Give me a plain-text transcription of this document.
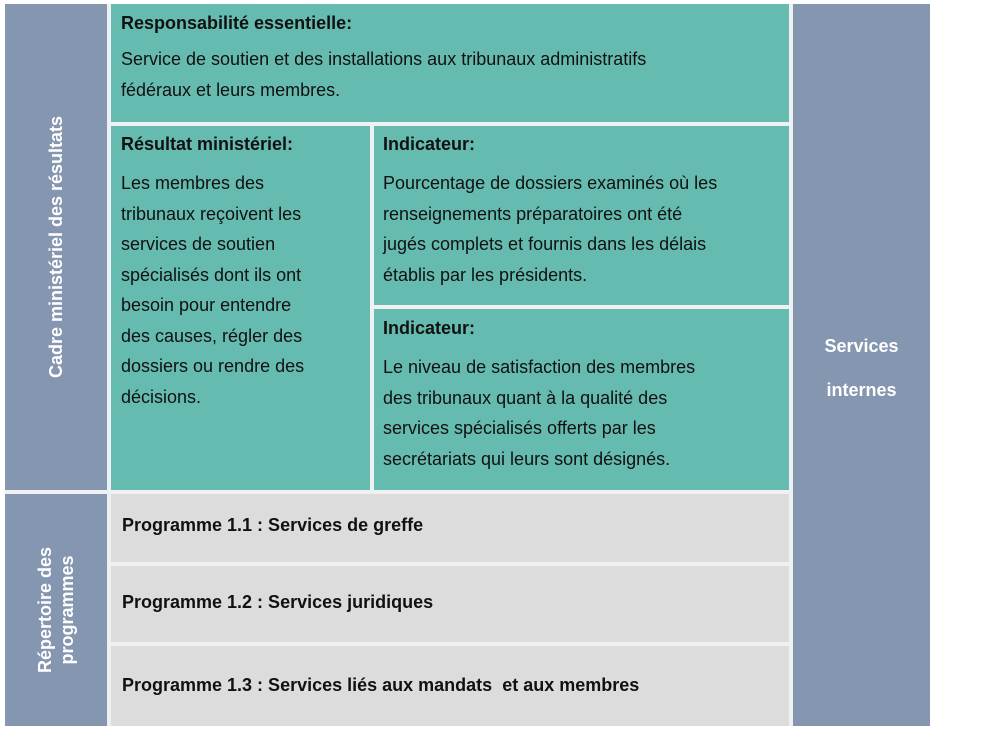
Cadre ministériel des résultats
Répertoire des programmes
Responsabilité essentielle:
Service de soutien et des installations aux tribunaux administratifs
fédéraux et leurs membres.
Résultat ministériel:
Les membres des
tribunaux reçoivent les
services de soutien
spécialisés dont ils ont
besoin pour entendre
des causes, régler des
dossiers ou rendre des
décisions.
Indicateur:
Pourcentage de dossiers examinés où les
renseignements préparatoires ont été
jugés complets et fournis dans les délais
établis par les présidents.
Indicateur:
Le niveau de satisfaction des membres
des tribunaux quant à la qualité des
services spécialisés offerts par les
secrétariats qui leurs sont désignés.
Programme 1.1 : Services de greffe
Programme 1.2 : Services juridiques
Programme 1.3 : Services liés aux mandats  et aux membres
Services
internes
